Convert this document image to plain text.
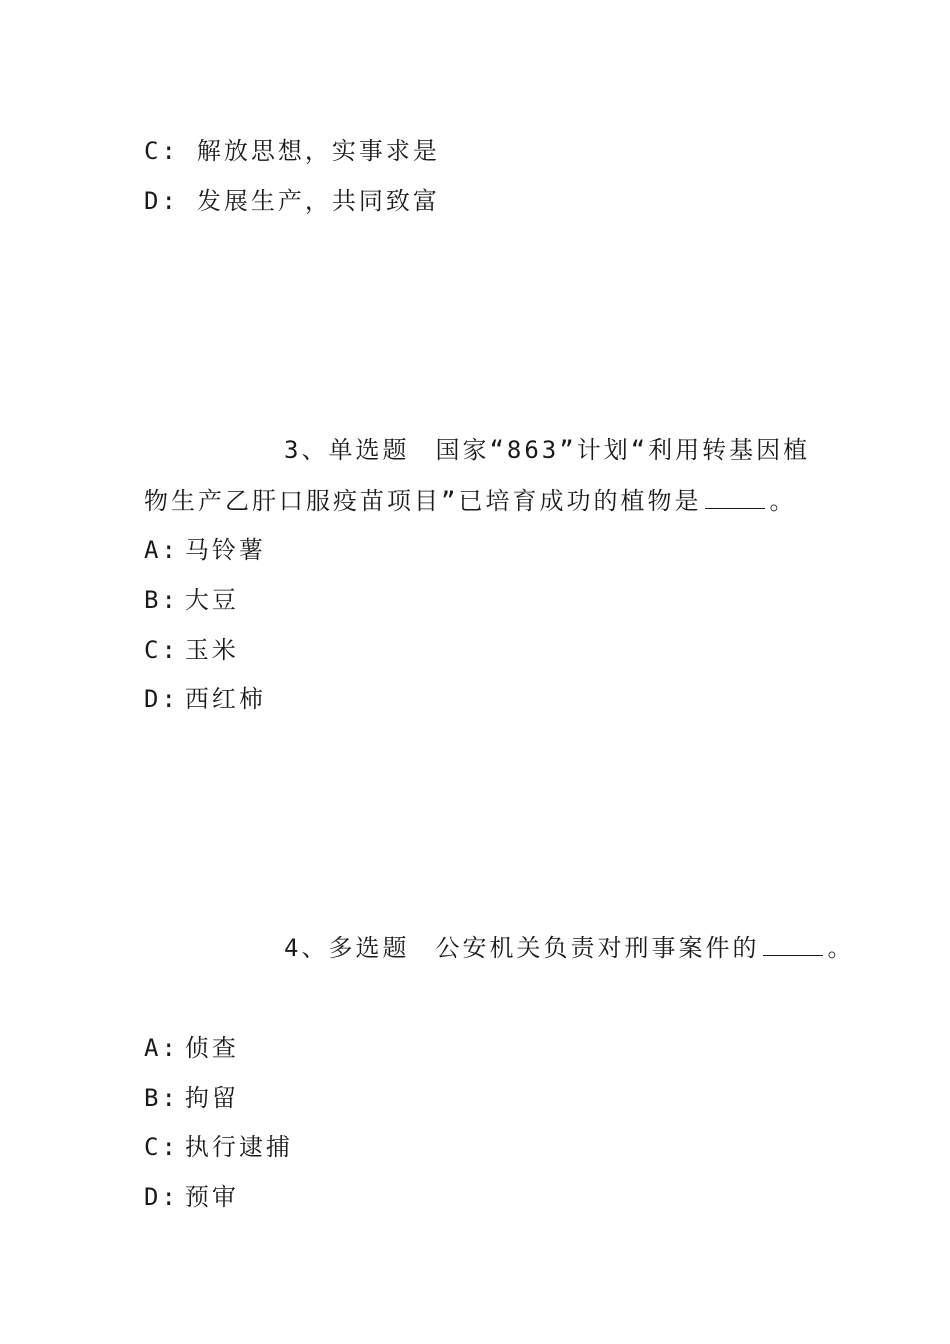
C: 解放思想，实事求是
D: 发展生产，共同致富
3、单选题 国家“863”计划“利用转基因植
物生产乙肝口服疫苗项目”已培育成功的植物是	。
A: 马铃薯
B: 大豆
C: 玉米
D: 西红柿
4、多选题 公安机关负责对刑事案件的	。
A: 侦查
B: 拘留
C: 执行逮捕
D: 预审
